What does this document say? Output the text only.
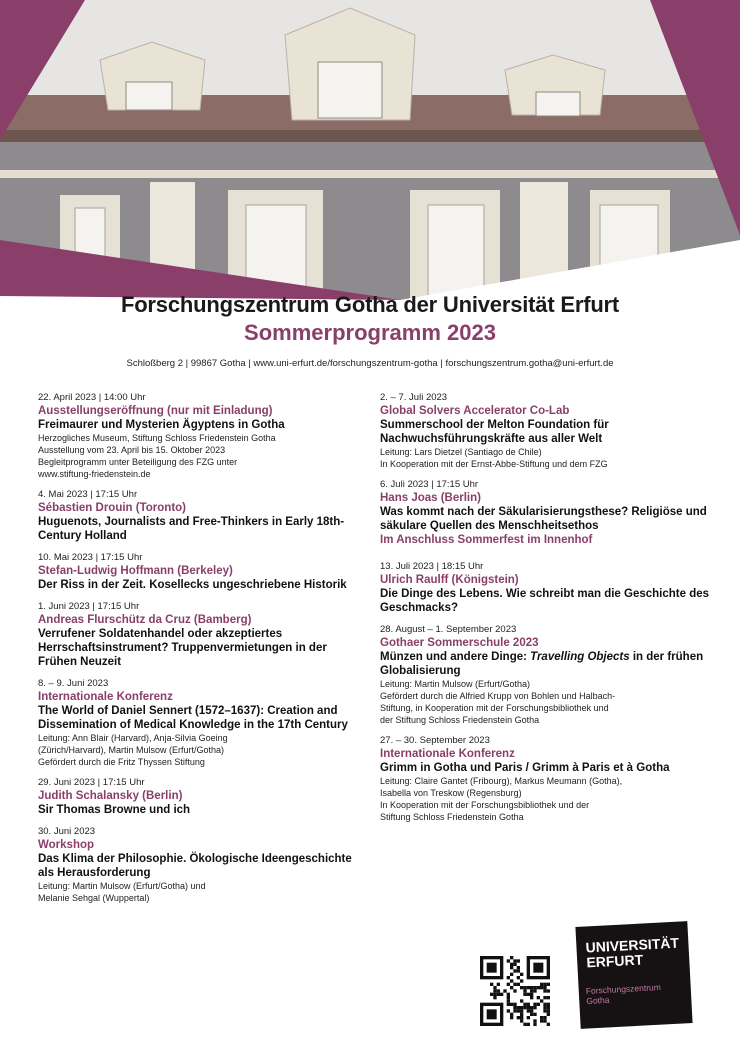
Forschungszentrum Gotha der Universität Erfurt
Sommerprogramm 2023
Schloßberg 2 | 99867 Gotha | www.uni-erfurt.de/forschungszentrum-gotha | forschungszentrum.gotha@uni-erfurt.de
22. April 2023 | 14:00 Uhr
Ausstellungseröffnung (nur mit Einladung)
Freimaurer und Mysterien Ägyptens in Gotha
Herzogliches Museum, Stiftung Schloss Friedenstein Gotha
Ausstellung vom 23. April bis 15. Oktober 2023
Begleitprogramm unter Beteiligung des FZG unter
www.stiftung-friedenstein.de
4. Mai 2023 | 17:15 Uhr
Sébastien Drouin (Toronto)
Huguenots, Journalists and Free-Thinkers in Early 18th-Century Holland
10. Mai 2023 | 17:15 Uhr
Stefan-Ludwig Hoffmann (Berkeley)
Der Riss in der Zeit. Kosellecks ungeschriebene Historik
1. Juni 2023 | 17:15 Uhr
Andreas Flurschütz da Cruz (Bamberg)
Verrufener Soldatenhandel oder akzeptiertes Herrschaftsinstrument? Truppenvermietungen in der Frühen Neuzeit
8. – 9. Juni 2023
Internationale Konferenz
The World of Daniel Sennert (1572–1637): Creation and Dissemination of Medical Knowledge in the 17th Century
Leitung: Ann Blair (Harvard), Anja-Silvia Goeing
(Zürich/Harvard), Martin Mulsow (Erfurt/Gotha)
Gefördert durch die Fritz Thyssen Stiftung
29. Juni 2023 | 17:15 Uhr
Judith Schalansky (Berlin)
Sir Thomas Browne und ich
30. Juni 2023
Workshop
Das Klima der Philosophie. Ökologische Ideengeschichte als Herausforderung
Leitung: Martin Mulsow (Erfurt/Gotha) und
Melanie Sehgal (Wuppertal)
2. – 7. Juli 2023
Global Solvers Accelerator Co-Lab
Summerschool der Melton Foundation für Nachwuchsführungskräfte aus aller Welt
Leitung: Lars Dietzel (Santiago de Chile)
In Kooperation mit der Ernst-Abbe-Stiftung und dem FZG
6. Juli 2023 | 17:15 Uhr
Hans Joas (Berlin)
Was kommt nach der Säkularisierungsthese? Religiöse und säkulare Quellen des Menschheitsethos
Im Anschluss Sommerfest im Innenhof
13. Juli 2023 | 18:15 Uhr
Ulrich Raulff (Königstein)
Die Dinge des Lebens. Wie schreibt man die Geschichte des Geschmacks?
28. August – 1. September 2023
Gothaer Sommerschule 2023
Münzen und andere Dinge: Travelling Objects in der frühen Globalisierung
Leitung: Martin Mulsow (Erfurt/Gotha)
Gefördert durch die Alfried Krupp von Bohlen und Halbach-
Stiftung, in Kooperation mit der Forschungsbibliothek und
der Stiftung Schloss Friedenstein Gotha
27. – 30. September 2023
Internationale Konferenz
Grimm in Gotha und Paris / Grimm à Paris et à Gotha
Leitung: Claire Gantet (Fribourg), Markus Meumann (Gotha),
Isabella von Treskow (Regensburg)
In Kooperation mit der Forschungsbibliothek und der
Stiftung Schloss Friedenstein Gotha
UNIVERSITÄT
ERFURT
Forschungszentrum
Gotha
